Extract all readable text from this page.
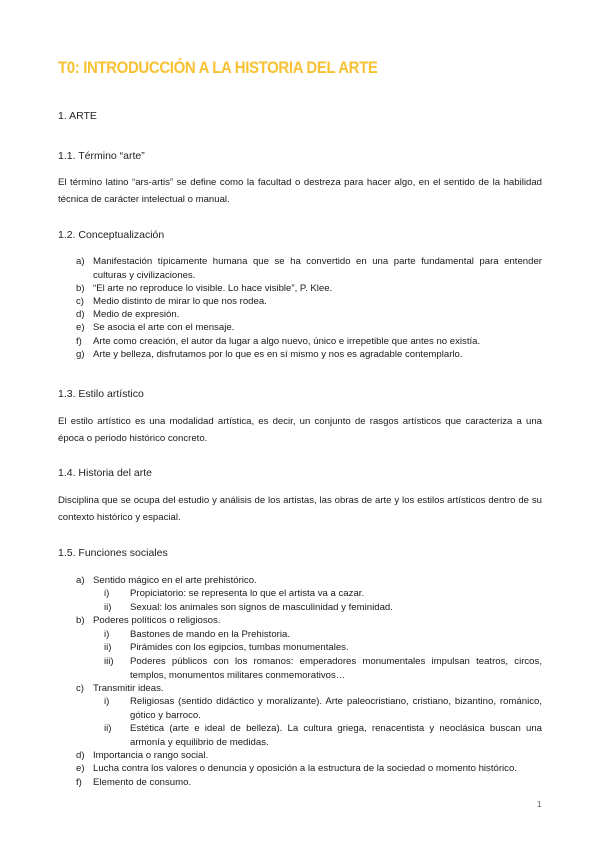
T0: INTRODUCCIÓN A LA HISTORIA DEL ARTE
1. ARTE
1.1. Término “arte”
El término latino “ars-artis” se define como la facultad o destreza para hacer algo, en el sentido de la habilidad técnica de carácter intelectual o manual.
1.2. Conceptualización
a) Manifestación típicamente humana que se ha convertido en una parte fundamental para entender culturas y civilizaciones.
b) “El arte no reproduce lo visible. Lo hace visible”, P. Klee.
c) Medio distinto de mirar lo que nos rodea.
d) Medio de expresión.
e) Se asocia el arte con el mensaje.
f)	Arte como creación, el autor da lugar a algo nuevo, único e irrepetible que antes no existía.
g) Arte y belleza, disfrutamos por lo que es en sí mismo y nos es agradable contemplarlo.
1.3. Estilo artístico
El estilo artístico es una modalidad artística, es decir, un conjunto de rasgos artísticos que caracteriza a una época o periodo histórico concreto.
1.4. Historia del arte
Disciplina que se ocupa del estudio y análisis de los artistas, las obras de arte y los estilos artísticos dentro de su contexto histórico y espacial.
1.5. Funciones sociales
a) Sentido mágico en el arte prehistórico.
i)	Propiciatorio: se representa lo que el artista va a cazar.
ii)	Sexual: los animales son signos de masculinidad y feminidad.
b) Poderes políticos o religiosos.
i)	Bastones de mando en la Prehistoria.
ii)	Pirámides con los egipcios, tumbas monumentales.
iii)	Poderes públicos con los romanos: emperadores monumentales impulsan teatros, circos, templos, monumentos militares conmemorativos…
c) Transmitir ideas.
i)	Religiosas (sentido didáctico y moralizante). Arte paleocristiano, cristiano, bizantino, románico, gótico y barroco.
ii)	Estética (arte e ideal de belleza). La cultura griega, renacentista y neoclásica buscan una armonía y equilibrio de medidas.
d) Importancia o rango social.
e) Lucha contra los valores o denuncia y oposición a la estructura de la sociedad o momento histórico.
f)	Elemento de consumo.
1
